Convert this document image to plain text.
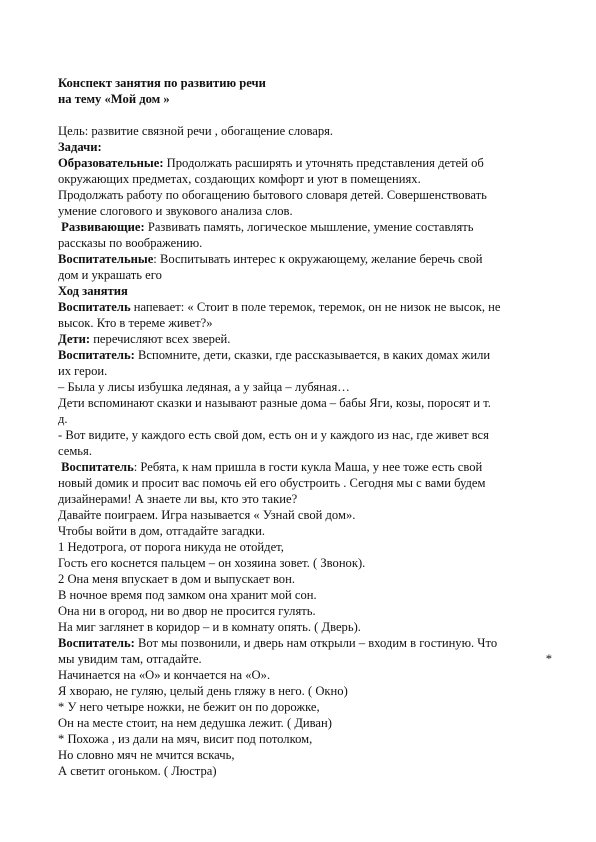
Конспект занятия по развитию речи
на тему «Мой дом »
Цель: развитие связной речи , обогащение словаря.
Задачи:
Образовательные: Продолжать расширять и уточнять представления детей об
окружающих предметах, создающих комфорт и уют в помещениях.
Продолжать работу по обогащению бытового словаря детей. Совершенствовать
умение слогового и звукового анализа слов.
Развивающие: Развивать память, логическое мышление, умение составлять
рассказы по воображению.
Воспитательные: Воспитывать интерес к окружающему, желание беречь свой
дом и украшать его
Ход занятия
Воспитатель напевает: « Стоит в поле теремок, теремок, он не низок не высок, не
высок. Кто в тереме живет?»
Дети: перечисляют всех зверей.
Воспитатель: Вспомните, дети, сказки, где рассказывается, в каких домах жили
их герои.
– Была у лисы избушка ледяная, а у зайца – лубяная…
Дети вспоминают сказки и называют разные дома – бабы Яги, козы, поросят и т.
д.
- Вот видите, у каждого есть свой дом, есть он и у каждого из нас, где живет вся
семья.
Воспитатель: Ребята, к нам пришла в гости кукла Маша, у нее тоже есть свой
новый домик и просит вас помочь ей его обустроить . Сегодня мы с вами будем
дизайнерами! А знаете ли вы, кто это такие?
Давайте поиграем. Игра называется « Узнай свой дом».
Чтобы войти в дом, отгадайте загадки.
1 Недотрога, от порога никуда не отойдет,
Гость его коснется пальцем – он хозяина зовет. ( Звонок).
2 Она меня впускает в дом и выпускает вон.
В ночное время под замком она хранит мой сон.
Она ни в огород, ни во двор не просится гулять.
На миг заглянет в коридор – и в комнату опять. ( Дверь).
Воспитатель: Вот мы позвонили, и дверь нам открыли – входим в гостиную. Что
мы увидим там, отгадайте.	*
Начинается на «О» и кончается на «О».
Я хвораю, не гуляю, целый день гляжу в него. ( Окно)
* У него четыре ножки, не бежит он по дорожке,
Он на месте стоит, на нем дедушка лежит. ( Диван)
* Похожа , из дали на мяч, висит под потолком,
Но словно мяч не мчится вскачь,
А светит огоньком. ( Люстра)
